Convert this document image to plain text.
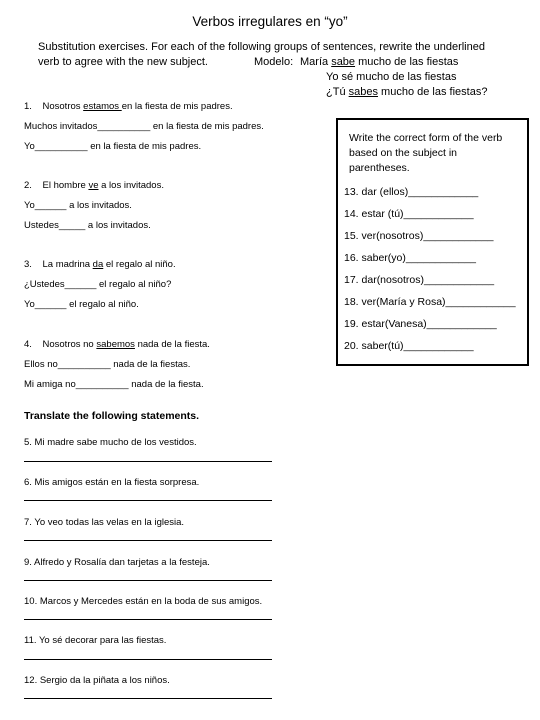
Verbos irregulares en “yo”
Substitution exercises. For each of the following groups of sentences, rewrite the underlined
verb to agree with the new subject.	Modelo: María sabe mucho de las fiestas
Yo sé mucho de las fiestas
¿Tú sabes mucho de las fiestas?
1. Nosotros estamos en la fiesta de mis padres.
Muchos invitados__________ en la fiesta de mis padres.
Yo__________ en la fiesta de mis padres.
2. El hombre ve a los invitados.
Yo______ a los invitados.
Ustedes_____ a los invitados.
3. La madrina da el regalo al niño.
¿Ustedes______ el regalo al niño?
Yo______ el regalo al niño.
4. Nosotros no sabemos nada de la fiesta.
Ellos no__________ nada de la fiestas.
Mi amiga no__________ nada de la fiesta.
Write the correct form of the verb based on the subject in parentheses.
13. dar (ellos)____________
14. estar (tú)____________
15. ver(nosotros)____________
16. saber(yo)____________
17. dar(nosotros)____________
18. ver(María y Rosa)____________
19. estar(Vanesa)____________
20. saber(tú)____________
Translate the following statements.
5. Mi madre sabe mucho de los vestidos.
6. Mis amigos están en la fiesta sorpresa.
7. Yo veo todas las velas en la iglesia.
9. Alfredo y Rosalía dan tarjetas a la festeja.
10. Marcos y Mercedes están en la boda de sus amigos.
11. Yo sé decorar para las fiestas.
12. Sergio da la piñata a los niños.
